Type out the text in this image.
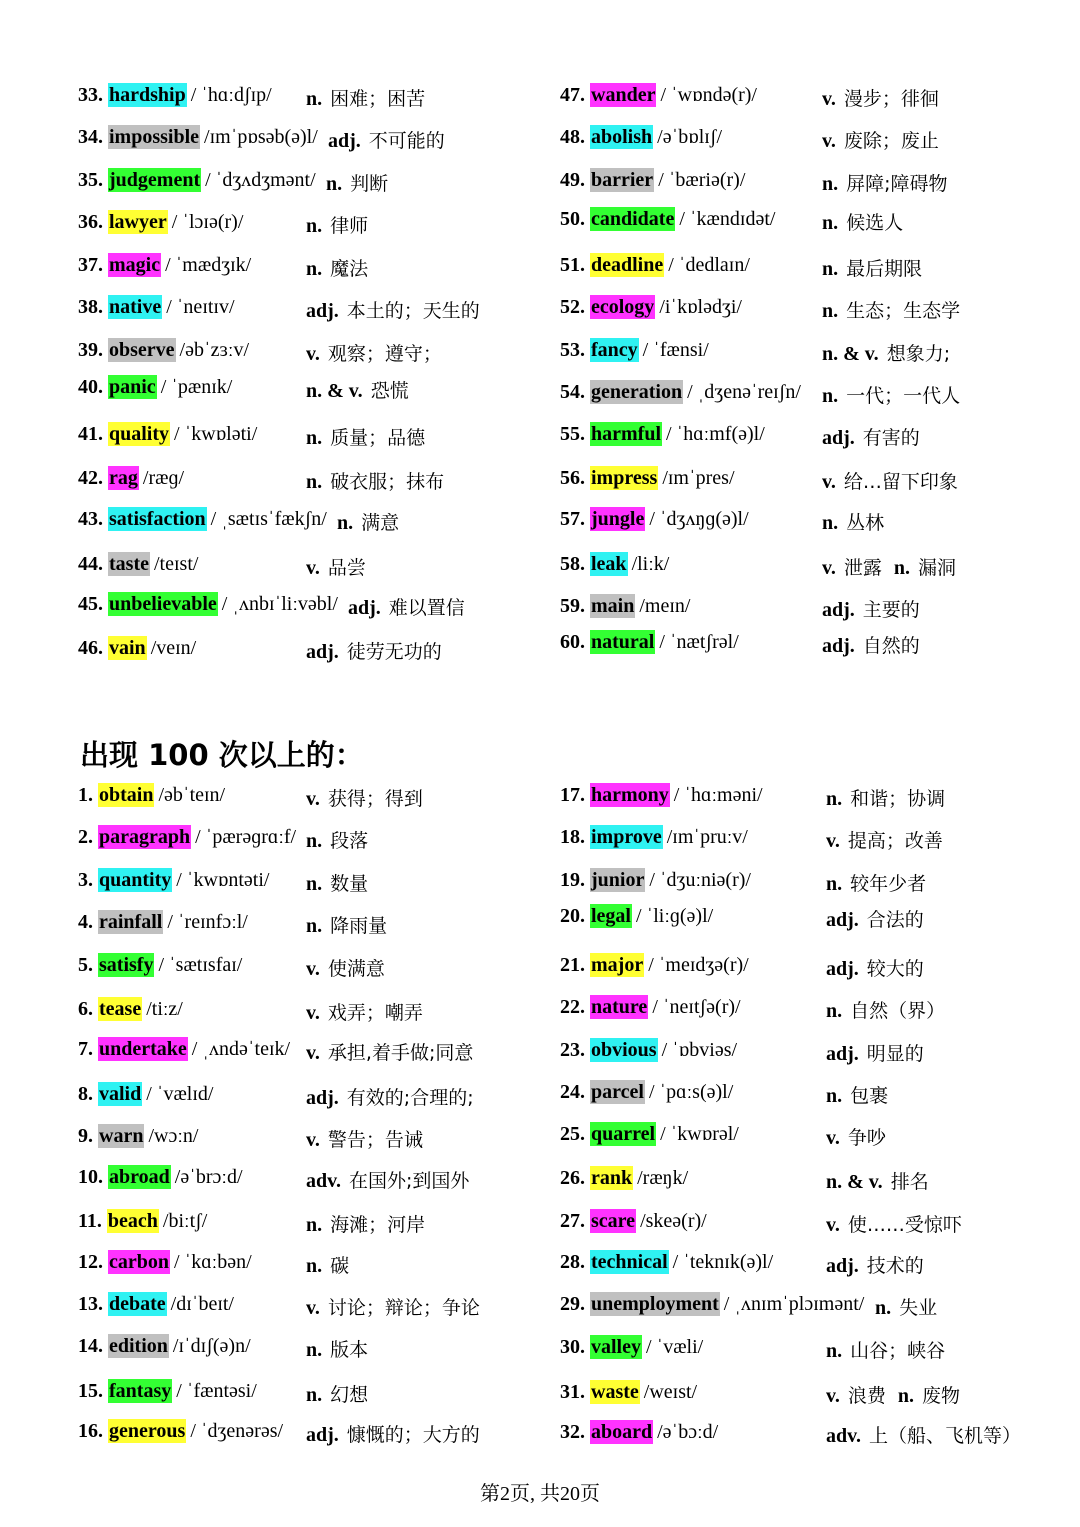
33. hardship / ˈhɑːdʃɪp/ n. 困难；困苦
34. impossible /ɪmˈpɒsəb(ə)l/ adj. 不可能的
35. judgement / ˈdʒʌdʒmənt/ n. 判断
36. lawyer / ˈlɔɪə(r)/	n. 律师
37. magic / ˈmædʒɪk/	n. 魔法
38. native / ˈneɪtɪv/	adj. 本土的；天生的
39. observe /əbˈzɜːv/	v. 观察；遵守；
40. panic / ˈpænɪk/	n. & v. 恐慌
41. quality / ˈkwɒləti/ n. 质量；品德
42. rag /ræɡ/	n. 破衣服；抹布
43. satisfaction / ˌsætɪsˈfækʃn/ n. 满意
44. taste /teɪst/	v. 品尝
45. unbelievable / ˌʌnbɪˈliːvəbl/ adj. 难以置信
46. vain /veɪn/	adj. 徒劳无功的
47. wander / ˈwɒndə(r)/	v. 漫步；徘徊
48. abolish /əˈbɒlɪʃ/	v. 废除；废止
49. barrier / ˈbæriə(r)/	n. 屏障;障碍物
50. candidate / ˈkændɪdət/ n. 候选人
51. deadline / ˈdedlaɪn/	n. 最后期限
52. ecology /iˈkɒlədʒi/	n. 生态；生态学
53. fancy / ˈfænsi/	n. & v. 想象力;
54. generation / ˌdʒenəˈreɪʃn/ n. 一代；一代人
55. harmful / ˈhɑːmf(ə)l/	adj. 有害的
56. impress /ɪmˈpres/	v. 给…留下印象
57. jungle / ˈdʒʌŋɡ(ə)l/	n. 丛林
58. leak /liːk/	v. 泄露 n. 漏洞
59. main /meɪn/	adj. 主要的
60. natural / ˈnætʃrəl/	adj. 自然的
出现 100 次以上的：
1. obtain /əbˈteɪn/	v. 获得；得到
2. paragraph / ˈpærəɡrɑːf/ n. 段落
3. quantity / ˈkwɒntəti/ n. 数量
4. rainfall / ˈreɪnfɔːl/	n. 降雨量
5. satisfy / ˈsætɪsfaɪ/	v. 使满意
6. tease /tiːz/	v. 戏弄；嘲弄
7. undertake / ˌʌndəˈteɪk/ v. 承担,着手做;同意
8. valid / ˈvælɪd/	adj. 有效的;合理的;
9. warn /wɔːn/	v. 警告；告诫
10. abroad /əˈbrɔːd/	adv. 在国外;到国外
11. beach /biːtʃ/	n. 海滩；河岸
12. carbon / ˈkɑːbən/	n. 碳
13. debate /dɪˈbeɪt/	v. 讨论；辩论；争论
14. edition /ɪˈdɪʃ(ə)n/	n. 版本
15. fantasy / ˈfæntəsi/ n. 幻想
16. generous / ˈdʒenərəs/ adj. 慷慨的；大方的
17. harmony / ˈhɑːməni/	n. 和谐；协调
18. improve /ɪmˈpruːv/	v. 提高；改善
19. junior / ˈdʒuːniə(r)/	n. 较年少者
20. legal / ˈliːɡ(ə)l/	adj. 合法的
21. major / ˈmeɪdʒə(r)/	adj. 较大的
22. nature / ˈneɪtʃə(r)/	n. 自然（界）
23. obvious / ˈɒbviəs/	adj. 明显的
24. parcel / ˈpɑːs(ə)l/	n. 包裹
25. quarrel / ˈkwɒrəl/	v. 争吵
26. rank /ræŋk/	n. & v. 排名
27. scare /skeə(r)/	v. 使……受惊吓
28. technical / ˈteknɪk(ə)l/	adj. 技术的
29. unemployment / ˌʌnɪmˈplɔɪmənt/ n. 失业
30. valley / ˈvæli/	n. 山谷；峡谷
31. waste /weɪst/	v. 浪费 n. 废物
32. aboard /əˈbɔːd/	adv. 上（船、飞机等）
第2页, 共20页
